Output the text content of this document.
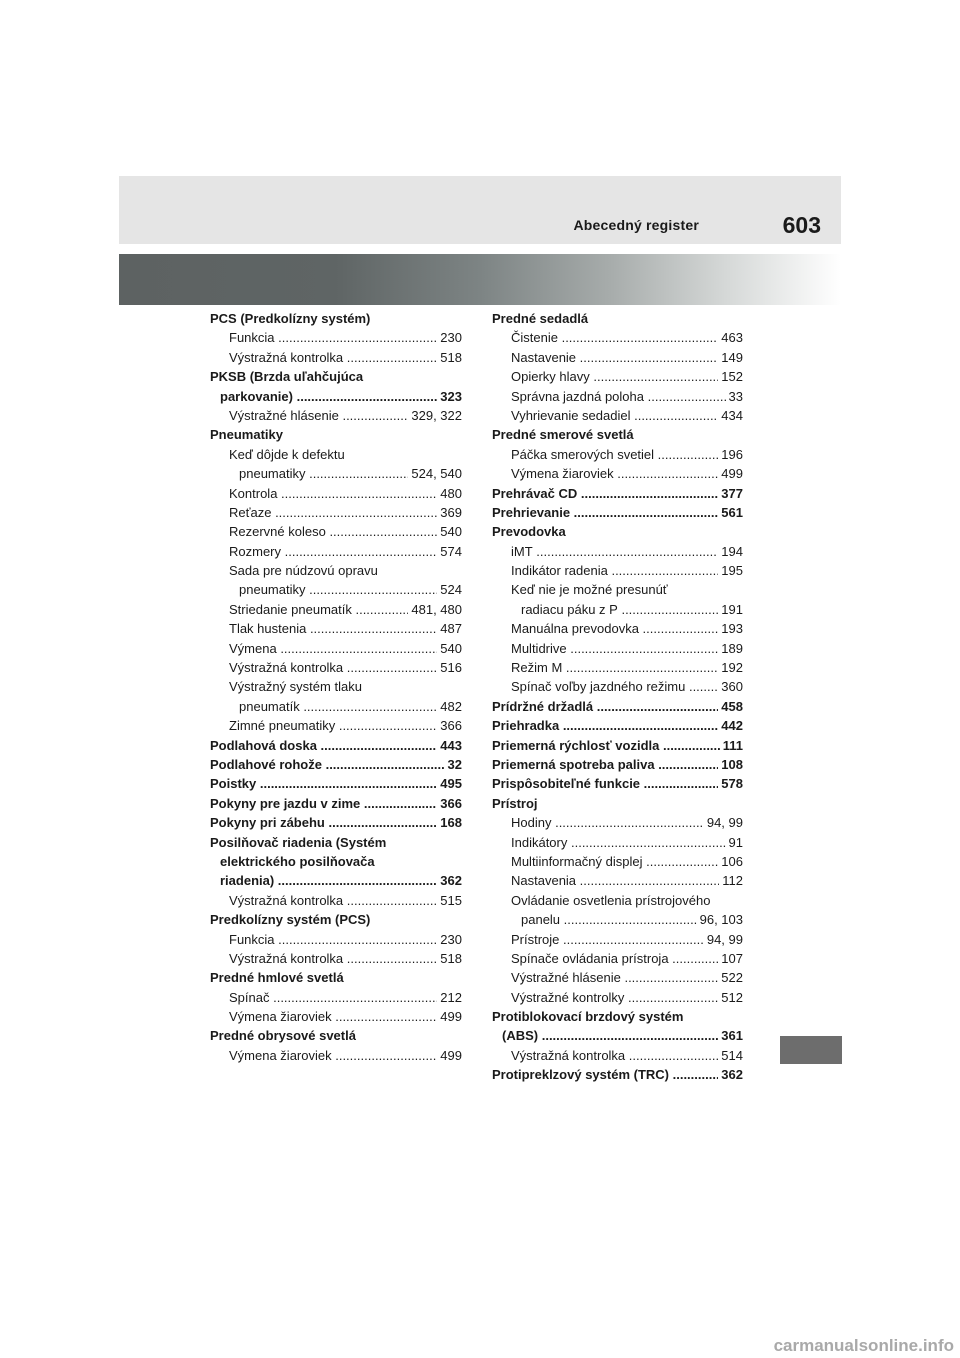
Abecedný register	603
PCS (Predkolízny systém)
Funkcia	230
.....
Výstražná kontrolka	518
.....
PKSB (Brzda uľahčujúca
parkovanie)	323
.....
Výstražné hlásenie	329, 322
.....
Pneumatiky
Keď dôjde k defektu
pneumatiky	524, 540
.....
Kontrola	480
.....
Reťaze	369
.....
Rezervné koleso	540
.....
Rozmery	574
.....
Sada pre núdzovú opravu
pneumatiky	524
.....
Striedanie pneumatík	481, 480
.....
Tlak hustenia	487
.....
Výmena	540
.....
Výstražná kontrolka	516
.....
Výstražný systém tlaku
pneumatík	482
.....
Zimné pneumatiky	366
.....
Podlahová doska	443
.....
Podlahové rohože	32
.....
Poistky	495
.....
Pokyny pre jazdu v zime	366
.....
Pokyny pri zábehu	168
.....
Posilňovač riadenia (Systém
elektrického posilňovača
riadenia)	362
.....
Výstražná kontrolka	515
.....
Predkolízny systém (PCS)
Funkcia	230
.....
Výstražná kontrolka	518
.....
Predné hmlové svetlá
Spínač	212
.....
Výmena žiaroviek	499
.....
Predné obrysové svetlá
Výmena žiaroviek	499
.....
Predné sedadlá
Čistenie	463
.....
Nastavenie	149
.....
Opierky hlavy	152
.....
Správna jazdná poloha	33
.....
Vyhrievanie sedadiel	434
.....
Predné smerové svetlá
Páčka smerových svetiel	196
.....
Výmena žiaroviek	499
.....
Prehrávač CD	377
.....
Prehrievanie	561
.....
Prevodovka
iMT	194
.....
Indikátor radenia	195
.....
Keď nie je možné presunúť
radiacu páku z P	191
.....
Manuálna prevodovka	193
.....
Multidrive	189
.....
Režim M	192
.....
Spínač voľby jazdného režimu	360
.....
Prídržné držadlá	458
.....
Priehradka	442
.....
Priemerná rýchlosť vozidla	111
.....
Priemerná spotreba paliva	108
.....
Prispôsobiteľné funkcie	578
.....
Prístroj
Hodiny	94, 99
.....
Indikátory	91
.....
Multiinformačný displej	106
.....
Nastavenia	112
.....
Ovládanie osvetlenia prístrojového
panelu	96, 103
.....
Prístroje	94, 99
.....
Spínače ovládania prístroja	107
.....
Výstražné hlásenie	522
.....
Výstražné kontrolky	512
.....
Protiblokovací brzdový systém
(ABS)	361
.....
Výstražná kontrolka	514
.....
Protipreklzový systém (TRC)	362
.....
carmanualsonline.info
